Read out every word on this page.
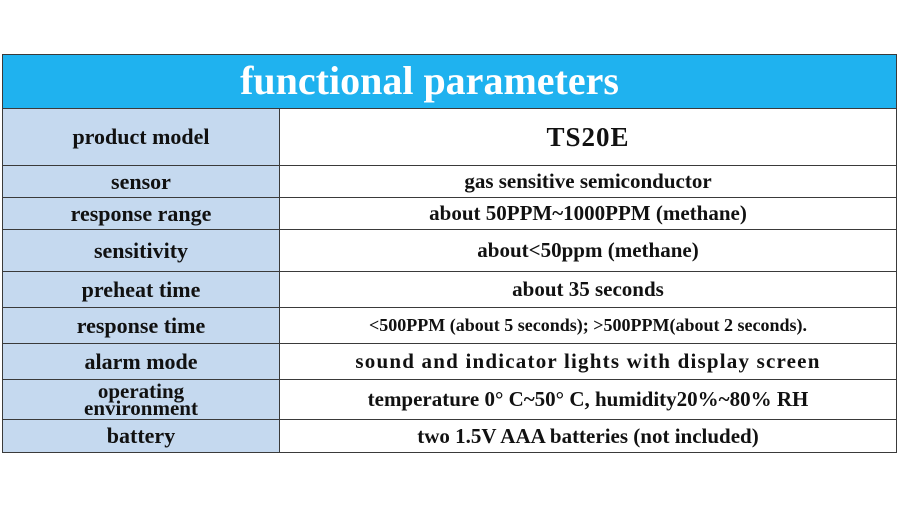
functional parameters
product model	TS20E
sensor	gas sensitive semiconductor
response range	about 50PPM~1000PPM (methane)
sensitivity	about<50ppm (methane)
preheat time	about 35 seconds
response time	<500PPM (about 5 seconds); >500PPM(about 2 seconds).
alarm mode	sound and indicator lights with display screen

operating
environment	temperature 0° C~50° C, humidity20%~80% RH
battery	two 1.5V AAA batteries (not included)
